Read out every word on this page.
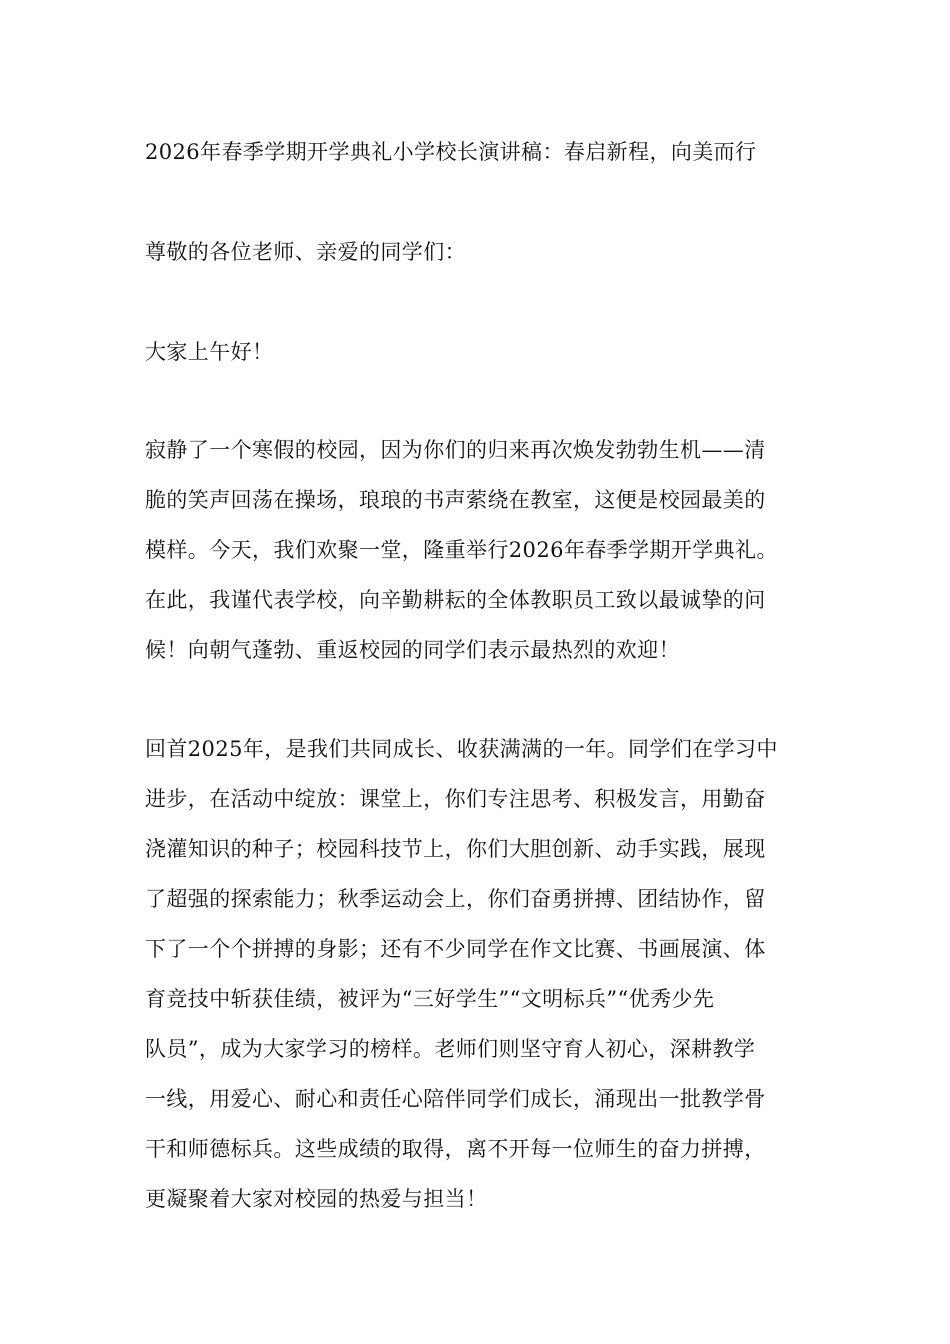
2026年春季学期开学典礼小学校长演讲稿：春启新程，向美而行
尊敬的各位老师、亲爱的同学们：
大家上午好！
寂静了一个寒假的校园，因为你们的归来再次焕发勃勃生机——清
脆的笑声回荡在操场，琅琅的书声萦绕在教室，这便是校园最美的
模样。今天，我们欢聚一堂，隆重举行2026年春季学期开学典礼。
在此，我谨代表学校，向辛勤耕耘的全体教职员工致以最诚挚的问
候！向朝气蓬勃、重返校园的同学们表示最热烈的欢迎！
回首2025年，是我们共同成长、收获满满的一年。同学们在学习中
进步，在活动中绽放：课堂上，你们专注思考、积极发言，用勤奋
浇灌知识的种子；校园科技节上，你们大胆创新、动手实践，展现
了超强的探索能力；秋季运动会上，你们奋勇拼搏、团结协作，留
下了一个个拼搏的身影；还有不少同学在作文比赛、书画展演、体
育竞技中斩获佳绩，被评为“三好学生”“文明标兵”“优秀少先
队员”，成为大家学习的榜样。老师们则坚守育人初心，深耕教学
一线，用爱心、耐心和责任心陪伴同学们成长，涌现出一批教学骨
干和师德标兵。这些成绩的取得，离不开每一位师生的奋力拼搏，
更凝聚着大家对校园的热爱与担当！
